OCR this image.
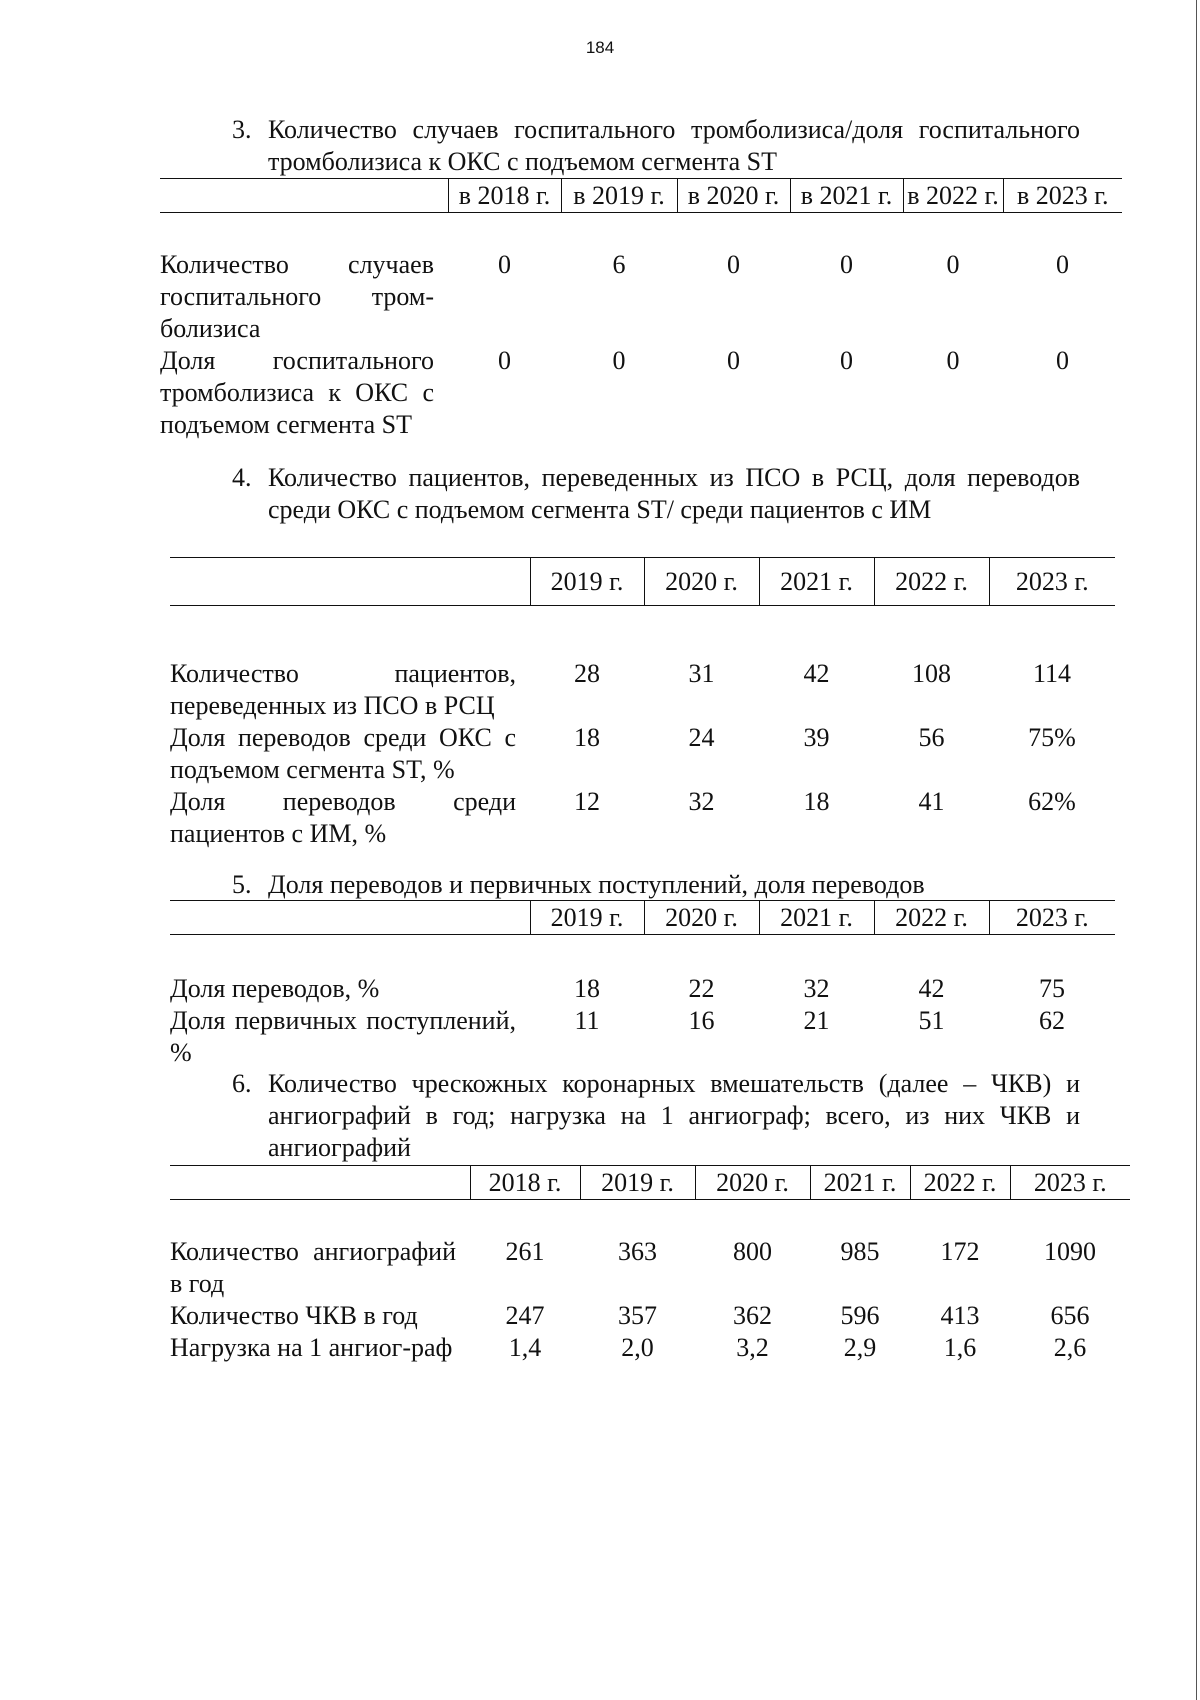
184
3. Количество случаев госпитального тромболизиса/доля госпитального тромболизиса к ОКС с подъемом сегмента ST
4. Количество пациентов, переведенных из ПСО в РСЦ, доля переводов среди ОКС с подъемом сегмента ST/ среди пациентов с ИМ
5. Доля переводов и первичных поступлений, доля переводов
6. Количество чрескожных коронарных вмешательств (далее – ЧКВ) и ангиографий в год; нагрузка на 1 ангиограф; всего, из них ЧКВ и ангиографий
	в 2018 г.	в 2019 г.	в 2020 г.	в 2021 г.	в 2022 г.	в 2023 г.
Количество случаев госпитального тром-болизиса	0	6	0	0	0	0
Доля госпитального тромболизиса к ОКС с подъемом сегмента ST	0	0	0	0	0	0
	2019 г.	2020 г.	2021 г.	2022 г.	2023 г.
Количество пациентов, переведенных из ПСО в РСЦ	28	31	42	108	114
Доля переводов среди ОКС с подъемом сегмента ST, %	18	24	39	56	75%
Доля переводов среди пациентов с ИМ, %	12	32	18	41	62%
	2019 г.	2020 г.	2021 г.	2022 г.	2023 г.
Доля переводов, %	18	22	32	42	75
Доля первичных поступлений, %	11	16	21	51	62
	2018 г.	2019 г.	2020 г.	2021 г.	2022 г.	2023 г.
Количество ангиографий в год	261	363	800	985	172	1090
Количество ЧКВ в год	247	357	362	596	413	656
Нагрузка на 1 ангиог-раф	1,4	2,0	3,2	2,9	1,6	2,6
